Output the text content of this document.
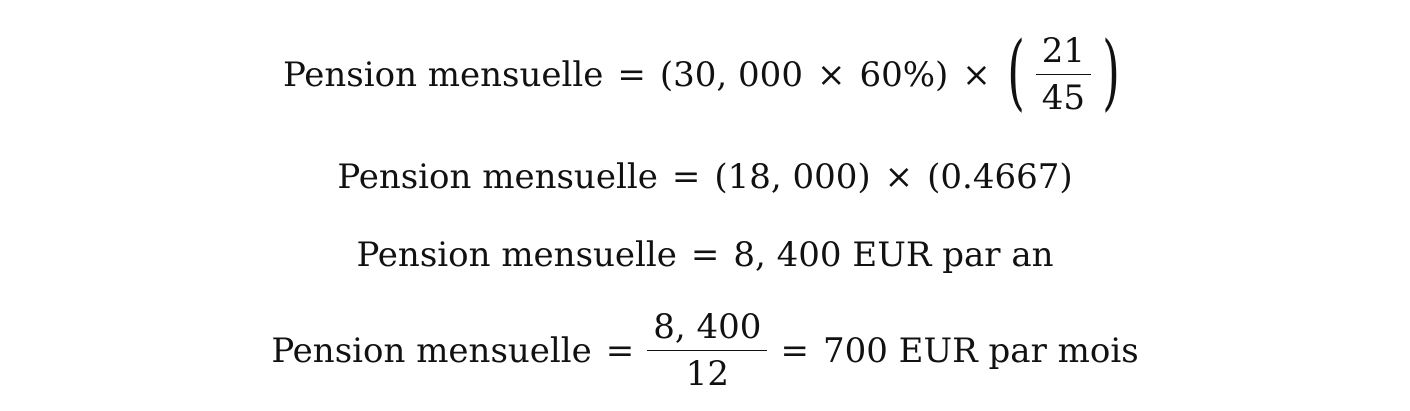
Pension mensuelle = (30, 000 × 60%) × ( $\frac{21}{45}$ )
Pension mensuelle = (18, 000) × (0.4667)
Pension mensuelle = 8, 400 EUR par an
Pension mensuelle = $\frac{8, 400}{12} = 700$ EUR par mois
